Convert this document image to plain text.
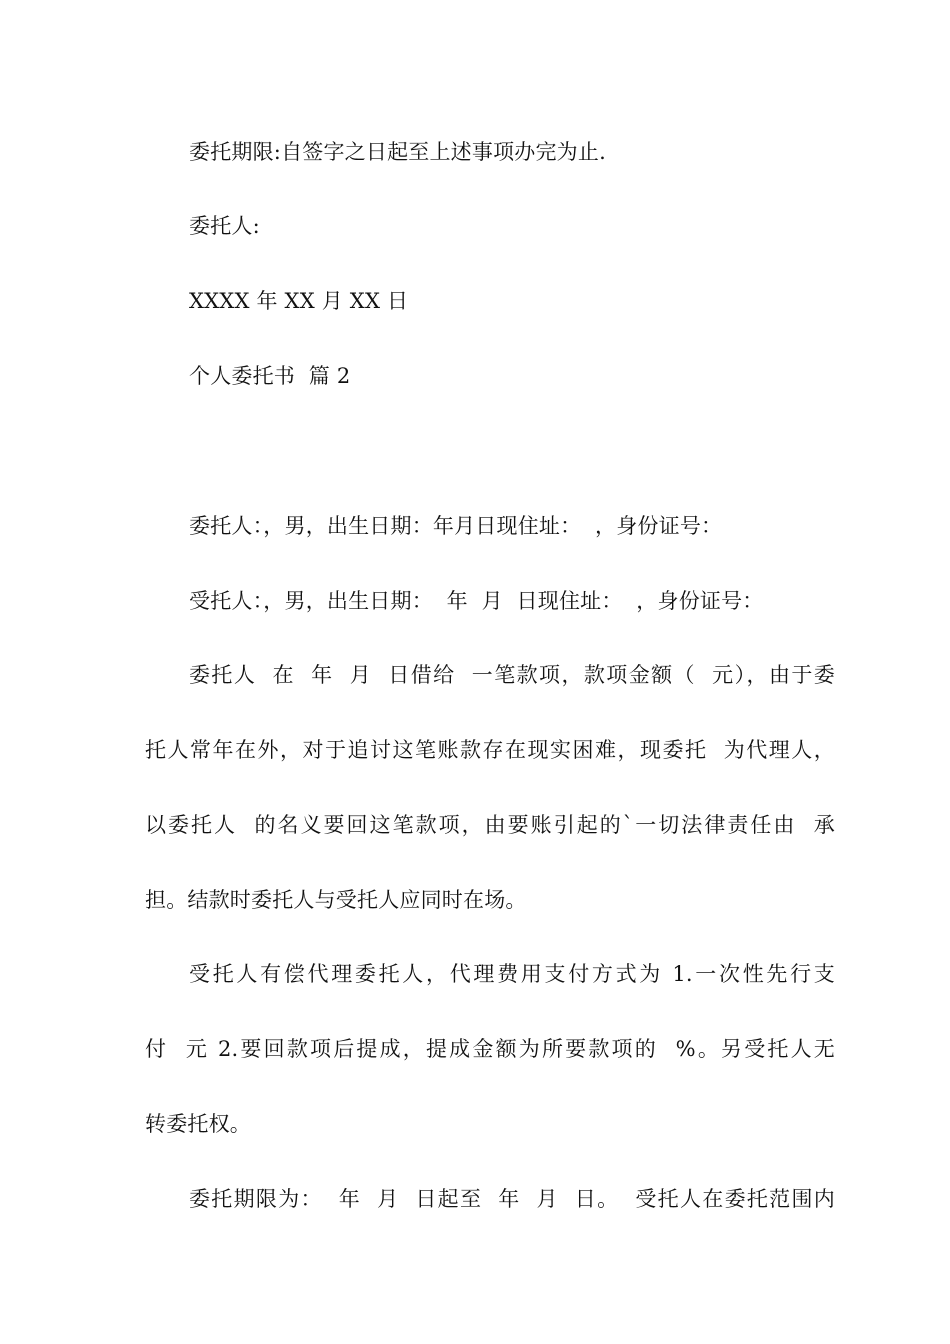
委托期限:自签字之日起至上述事项办完为止.
委托人:
XXXX 年 XX 月 XX 日
个人委托书  篇 2
委托人：，男，出生日期：年月日现住址：  ，身份证号：
受托人：，男，出生日期：  年  月  日现住址：  ，身份证号：
委托人  在  年  月  日借给  一笔款项，款项金额（  元），由于委
托人常年在外，对于追讨这笔账款存在现实困难，现委托  为代理人，
以委托人  的名义要回这笔款项，由要账引起的`一切法律责任由  承
担。结款时委托人与受托人应同时在场。
受托人有偿代理委托人，代理费用支付方式为 1.一次性先行支
付  元 2.要回款项后提成，提成金额为所要款项的  %。另受托人无
转委托权。
委托期限为：  年  月  日起至  年  月  日。  受托人在委托范围内
